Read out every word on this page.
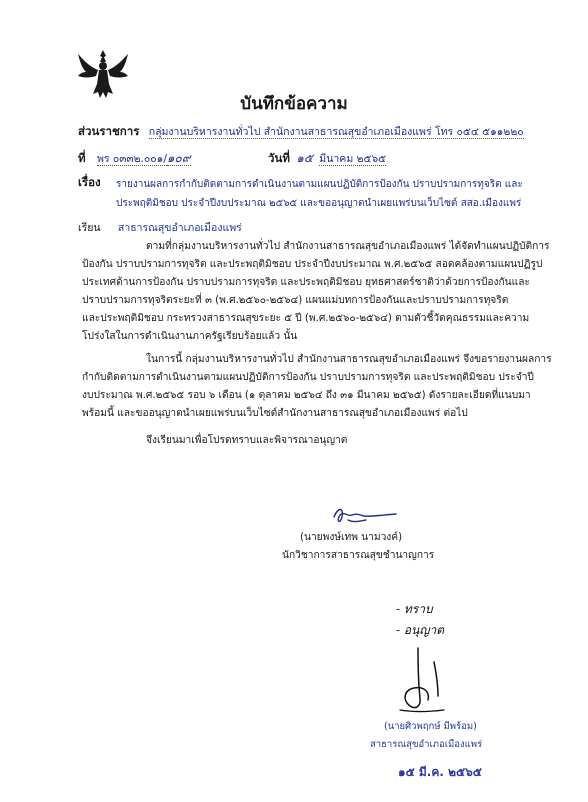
บันทึกข้อความ
ส่วนราชการ กลุ่มงานบริหารงานทั่วไป สำนักงานสาธารณสุขอำเภอเมืองแพร่ โทร ๐๕๔ ๕๑๑๒๒๐
ที่ พร ๐๓๓๒.๐๐๑/๑๐๙	วันที่ ๑๕ มีนาคม ๒๕๖๕
เรื่อง รายงานผลการกำกับติดตามการดำเนินงานตามแผนปฏิบัติการป้องกัน ปราบปรามการทุจริต และ
ประพฤติมิชอบ ประจำปีงบประมาณ ๒๕๖๕ และขออนุญาตนำเผยแพร่บนเว็บไซต์ สสอ.เมืองแพร่
เรียน สาธารณสุขอำเภอเมืองแพร่
ตามที่กลุ่มงานบริหารงานทั่วไป สำนักงานสาธารณสุขอำเภอเมืองแพร่ ได้จัดทำแผนปฏิบัติการ
ป้องกัน ปราบปรามการทุจริต และประพฤติมิชอบ ประจำปีงบประมาณ พ.ศ.๒๕๖๕ สอดคล้องตามแผนปฏิรูป
ประเทศด้านการป้องกัน ปราบปรามการทุจริต และประพฤติมิชอบ ยุทธศาสตร์ชาติว่าด้วยการป้องกันและ
ปราบปรามการทุจริตระยะที่ ๓ (พ.ศ.๒๕๖๐-๒๕๖๔) แผนแม่บทการป้องกันและปราบปรามการทุจริต
และประพฤติมิชอบ กระทรวงสาธารณสุขระยะ ๕ ปี (พ.ศ.๒๕๖๐-๒๕๖๔) ตามตัวชี้วัดคุณธรรมและความ
โปร่งใสในการดำเนินงานภาครัฐเรียบร้อยแล้ว นั้น
ในการนี้ กลุ่มงานบริหารงานทั่วไป สำนักงานสาธารณสุขอำเภอเมืองแพร่ จึงขอรายงานผลการ
กำกับติดตามการดำเนินงานตามแผนปฏิบัติการป้องกัน ปราบปรามการทุจริต และประพฤติมิชอบ ประจำปี
งบประมาณ พ.ศ.๒๕๖๕ รอบ ๖ เดือน (๑ ตุลาคม ๒๕๖๔ ถึง ๓๑ มีนาคม ๒๕๖๕) ดังรายละเอียดที่แนบมา
พร้อมนี้ และขออนุญาตนำเผยแพร่บนเว็บไซต์สำนักงานสาธารณสุขอำเภอเมืองแพร่ ต่อไป
จึงเรียนมาเพื่อโปรดทราบและพิจารณาอนุญาต
(นายพงษ์เทพ นามวงค์)
นักวิชาการสาธารณสุขชำนาญการ
- ทราบ
- อนุญาต
(นายศิวพฤกษ์ มีพร้อม)
สาธารณสุขอำเภอเมืองแพร่
๑๕ มี.ค. ๒๕๖๕
